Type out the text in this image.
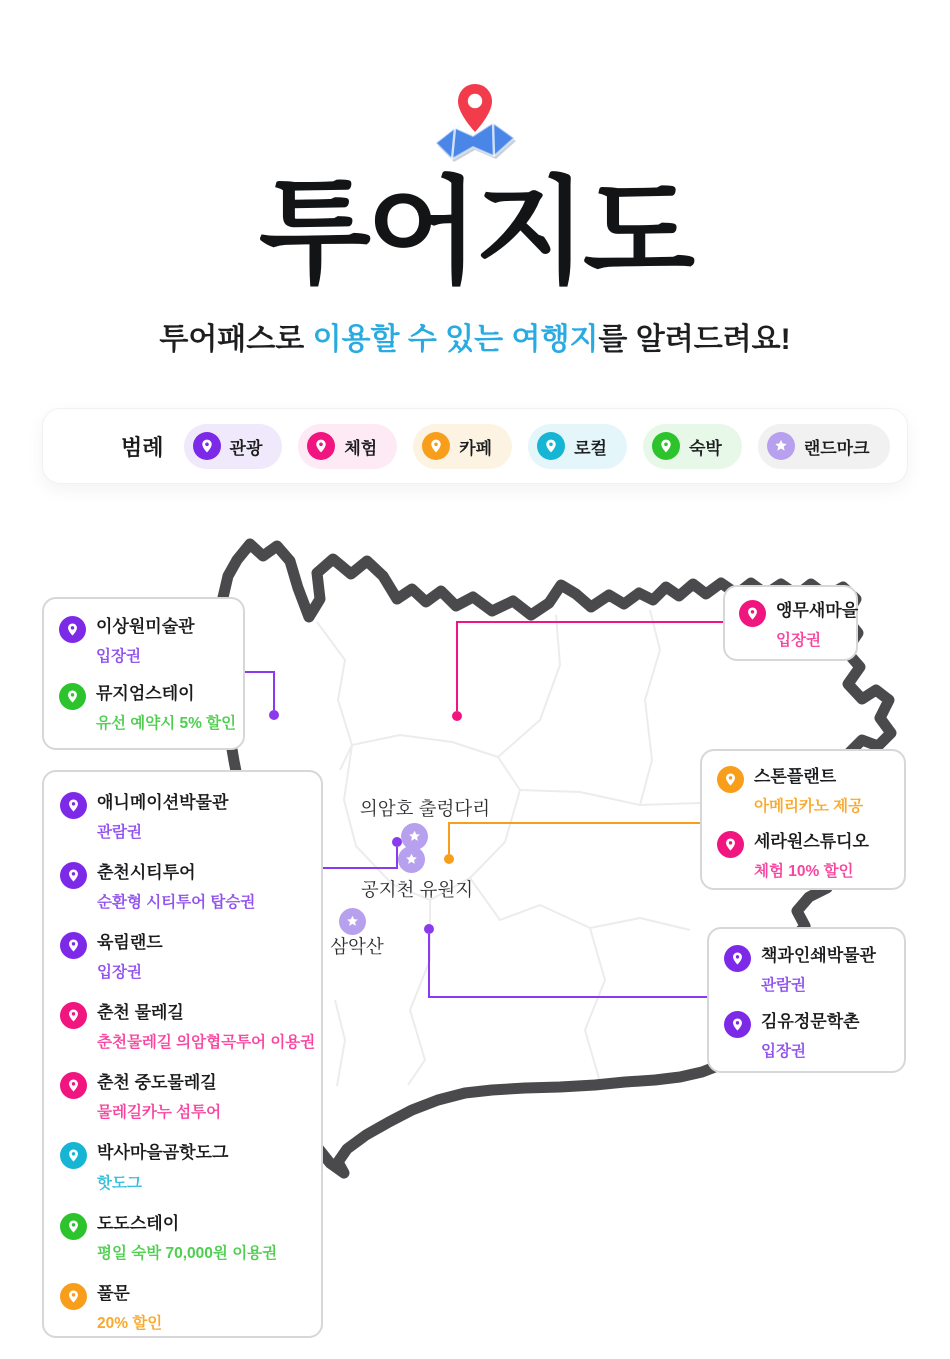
투어지도
투어패스로 이용할 수 있는 여행지를 알려드려요!
범례	관광	체험	카페	로컬	숙박	랜드마크
의암호 출렁다리
공지천 유원지
삼악산
이상원미술관
입장권
뮤지엄스테이
유선 예약시 5% 할인
앵무새마을
입장권
스톤플랜트
아메리카노 제공
세라원스튜디오
체험 10% 할인
책과인쇄박물관
관람권
김유정문학촌
입장권
애니메이션박물관
관람권
춘천시티투어
순환형 시티투어 탑승권
육림랜드
입장권
춘천 물레길
춘천물레길 의암협곡투어 이용권
춘천 중도물레길
물레길카누 섬투어
박사마을곰핫도그
핫도그
도도스테이
평일 숙박 70,000원 이용권
풀문
20% 할인
